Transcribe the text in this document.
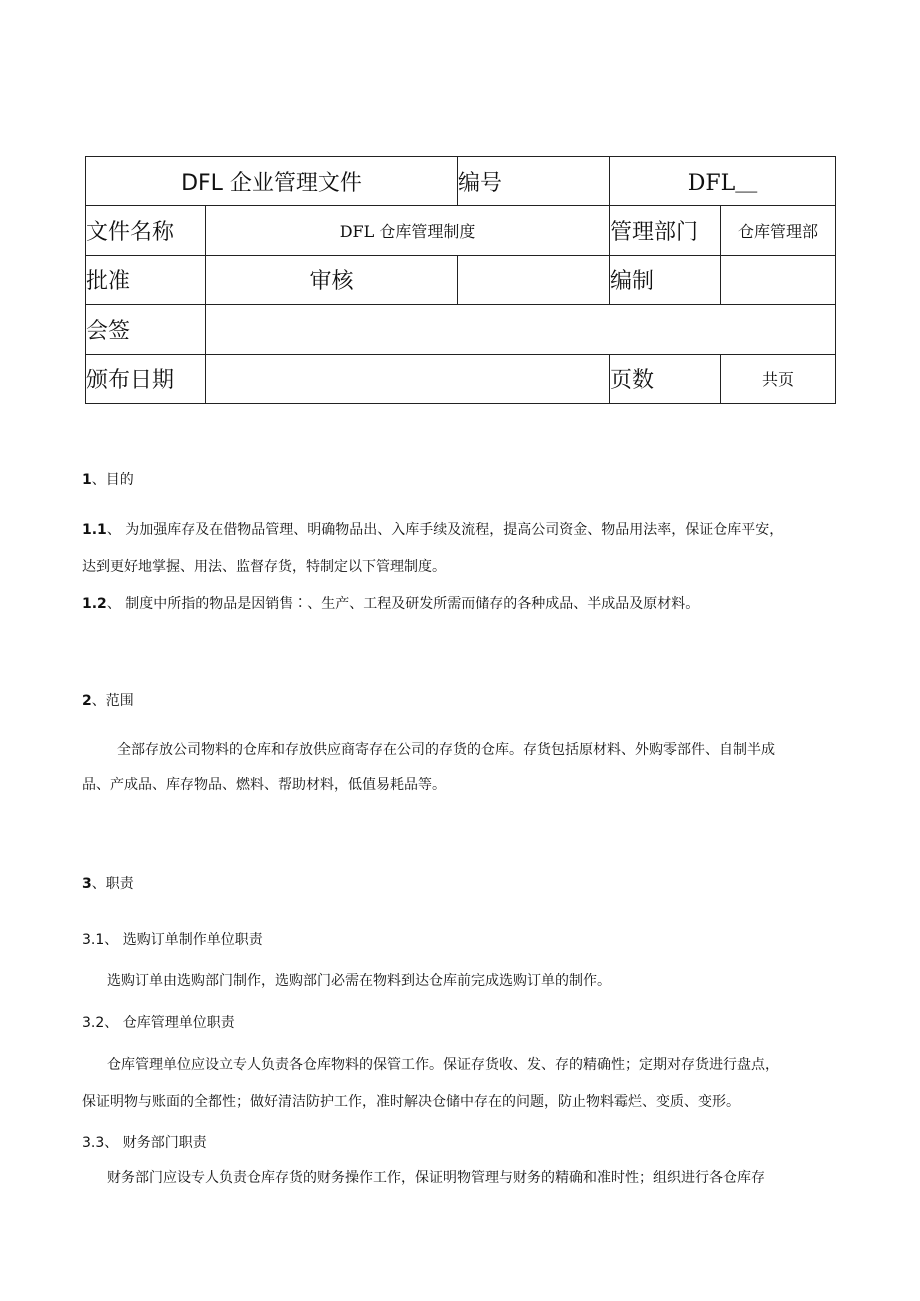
DFL 企业管理文件		编号	DFL＿	
文件名称	DFL 仓库管理制度		管理部门	仓库管理部
批准	审核		编制	
会签				
颁布日期			页数	共页
1、目的
1.1、 为加强库存及在借物品管理、明确物品出、入库手续及流程，提高公司资金、物品用法率，保证仓库平安，
达到更好地掌握、用法、监督存货，特制定以下管理制度。
1.2、 制度中所指的物品是因销售∶、生产、工程及研发所需而储存的各种成品、半成品及原材料。
2、范围
全部存放公司物料的仓库和存放供应商寄存在公司的存货的仓库。存货包括原材料、外购零部件、自制半成
品、产成品、库存物品、燃料、帮助材料，低值易耗品等。
3、职责
3.1、 选购订单制作单位职责
选购订单由选购部门制作，选购部门必需在物料到达仓库前完成选购订单的制作。
3.2、 仓库管理单位职责
仓库管理单位应设立专人负责各仓库物料的保管工作。保证存货收、发、存的精确性；定期对存货进行盘点，
保证明物与账面的全都性；做好清洁防护工作，准时解决仓储中存在的问题，防止物料霉烂、变质、变形。
3.3、 财务部门职责
财务部门应设专人负责仓库存货的财务操作工作，保证明物管理与财务的精确和准时性；组织进行各仓库存
